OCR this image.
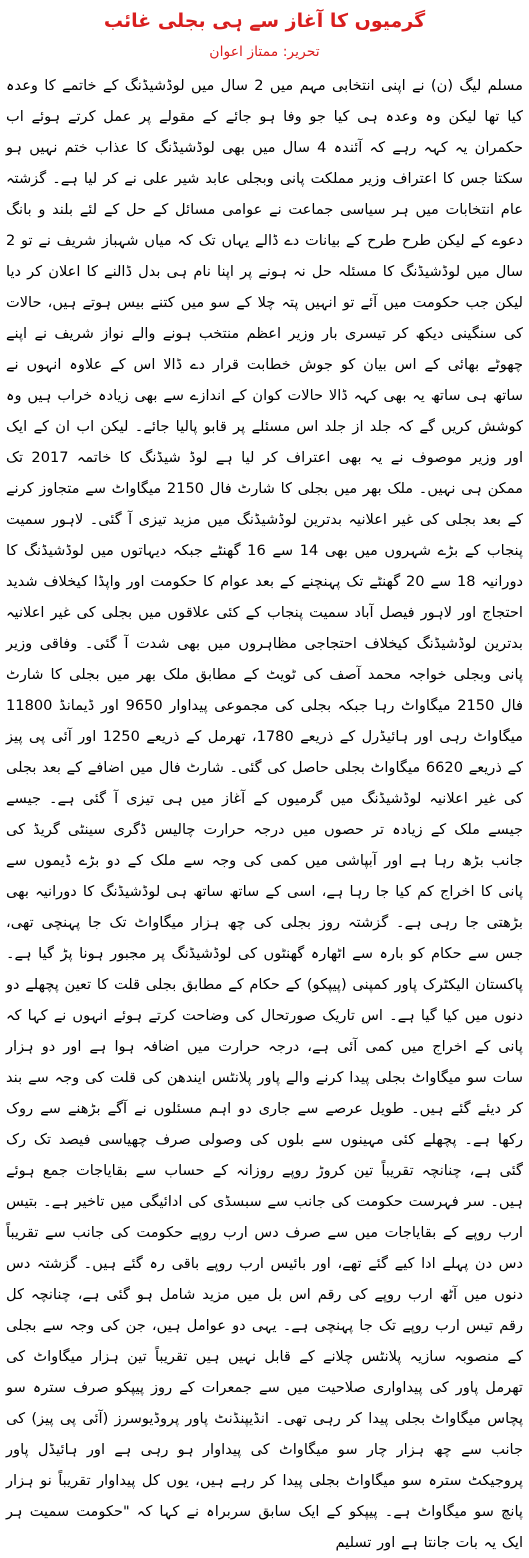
گرمیوں کا آغاز سے ہی بجلی غائب
تحریر: ممتاز اعوان

مسلم لیگ (ن) نے اپنی انتخابی مہم میں 2 سال میں لوڈشیڈنگ کے خاتمے کا وعدہ کیا تھا لیکن وہ وعدہ ہی کیا جو وفا ہو جائے کے مقولے پر عمل کرتے ہوئے اب حکمران یہ کہہ رہے کہ آئندہ 4 سال میں بھی لوڈشیڈنگ کا عذاب ختم نہیں ہو سکتا جس کا اعتراف وزیر مملکت پانی وبجلی عابد شیر علی نے کر لیا ہے۔ گزشتہ عام انتخابات میں ہر سیاسی جماعت نے عوامی مسائل کے حل کے لئے بلند و بانگ دعوے کے لیکن طرح طرح کے بیانات دے ڈالے یہاں تک کہ میاں شہباز شریف نے تو 2 سال میں لوڈشیڈنگ کا مسئلہ حل نہ ہونے پر اپنا نام ہی بدل ڈالنے کا اعلان کر دیا لیکن جب حکومت میں آئے تو انہیں پتہ چلا کے سو میں کتنے بیس ہوتے ہیں، حالات کی سنگینی دیکھ کر تیسری بار وزیر اعظم منتخب ہونے والے نواز شریف نے اپنے چھوٹے بھائی کے اس بیان کو جوش خطابت قرار دے ڈالا اس کے علاوہ انہوں نے ساتھ ہی ساتھ یہ بھی کہہ ڈالا حالات کوان کے اندازے سے بھی زیادہ خراب ہیں وہ کوشش کریں گے کہ جلد از جلد اس مسئلے پر قابو پالیا جائے۔ لیکن اب ان کے ایک اور وزیر موصوف نے یہ بھی اعتراف کر لیا ہے لوڈ شیڈنگ کا خاتمہ 2017 تک ممکن ہی نہیں۔ ملک بھر میں بجلی کا شارٹ فال 2150 میگاواٹ سے متجاوز کرنے کے بعد بجلی کی غیر اعلانیہ بدترین لوڈشیڈنگ میں مزید تیزی آ گئی۔ لاہور سمیت پنجاب کے بڑے شہروں میں بھی 14 سے 16 گھنٹے جبکہ دیہاتوں میں لوڈشیڈنگ کا دورانیہ 18 سے 20 گھنٹے تک پہنچنے کے بعد عوام کا حکومت اور واپڈا کیخلاف شدید احتجاج اور لاہور فیصل آباد سمیت پنجاب کے کئی علاقوں میں بجلی کی غیر اعلانیہ بدترین لوڈشیڈنگ کیخلاف احتجاجی مظاہروں میں بھی شدت آ گئی۔ وفاقی وزیر پانی وبجلی خواجہ محمد آصف کی ٹویٹ کے مطابق ملک بھر میں بجلی کا شارٹ فال 2150 میگاواٹ رہا جبکہ بجلی کی مجموعی پیداوار 9650 اور ڈیمانڈ 11800 میگاواٹ رہی اور ہائیڈرل کے ذریعے 1780، تھرمل کے ذریعے 1250 اور آئی پی پیز کے ذریعے 6620 میگاواٹ بجلی حاصل کی گئی۔ شارٹ فال میں اضافے کے بعد بجلی کی غیر اعلانیہ لوڈشیڈنگ میں گرمیوں کے آغاز میں ہی تیزی آ گئی ہے۔ جیسے جیسے ملک کے زیادہ تر حصوں میں درجہ حرارت چالیس ڈگری سینٹی گریڈ کی جانب بڑھ رہا ہے اور آبپاشی میں کمی کی وجہ سے ملک کے دو بڑے ڈیموں سے پانی کا اخراج کم کیا جا رہا ہے، اسی کے ساتھ ساتھ ہی لوڈشیڈنگ کا دورانیہ بھی بڑھتی جا رہی ہے۔ گزشتہ روز بجلی کی چھ ہزار میگاواٹ تک جا پہنچی تھی، جس سے حکام کو بارہ سے اٹھارہ گھنٹوں کی لوڈشیڈنگ پر مجبور ہونا پڑ گیا ہے۔ پاکستان الیکٹرک پاور کمپنی (پیپکو) کے حکام کے مطابق بجلی قلت کا تعین پچھلے دو دنوں میں کیا گیا ہے۔ اس تاریک صورتحال کی وضاحت کرتے ہوئے انہوں نے کہا کہ پانی کے اخراج میں کمی آئی ہے، درجہ حرارت میں اضافہ ہوا ہے اور دو ہزار سات سو میگاواٹ بجلی پیدا کرنے والے پاور پلانٹس ایندھن کی قلت کی وجہ سے بند کر دیئے گئے ہیں۔ طویل عرصے سے جاری دو اہم مسئلوں نے آگے بڑھنے سے روک رکھا ہے۔ پچھلے کئی مہینوں سے بلوں کی وصولی صرف چھیاسی فیصد تک رک گئی ہے، چنانچہ تقریباً تین کروڑ روپے روزانہ کے حساب سے بقایاجات جمع ہوئے ہیں۔ سر فہرست حکومت کی جانب سے سبسڈی کی ادائیگی میں تاخیر ہے۔ بتیس ارب روپے کے بقایاجات میں سے صرف دس ارب روپے حکومت کی جانب سے تقریباً دس دن پہلے ادا کیے گئے تھے، اور بائیس ارب روپے باقی رہ گئے ہیں۔ گزشتہ دس دنوں میں آٹھ ارب روپے کی رقم اس بل میں مزید شامل ہو گئی ہے، چنانچہ کل رقم تیس ارب روپے تک جا پہنچی ہے۔ یہی دو عوامل ہیں، جن کی وجہ سے بجلی کے منصوبہ سازیہ پلانٹس چلانے کے قابل نہیں ہیں تقریباً تین ہزار میگاواٹ کی تھرمل پاور کی پیداواری صلاحیت میں سے جمعرات کے روز پیپکو صرف سترہ سو پچاس میگاواٹ بجلی پیدا کر رہی تھی۔ انڈیپنڈنٹ پاور پروڈیوسرز (آئی پی پیز) کی جانب سے چھ ہزار چار سو میگاواٹ کی پیداوار ہو رہی ہے اور ہائیڈل پاور پروجیکٹ سترہ سو میگاواٹ بجلی پیدا کر رہے ہیں، یوں کل پیداوار تقریباً نو ہزار پانچ سو میگاواٹ ہے۔ پیپکو کے ایک سابق سربراہ نے کہا کہ "حکومت سمیت ہر ایک یہ بات جانتا ہے اور تسلیم
